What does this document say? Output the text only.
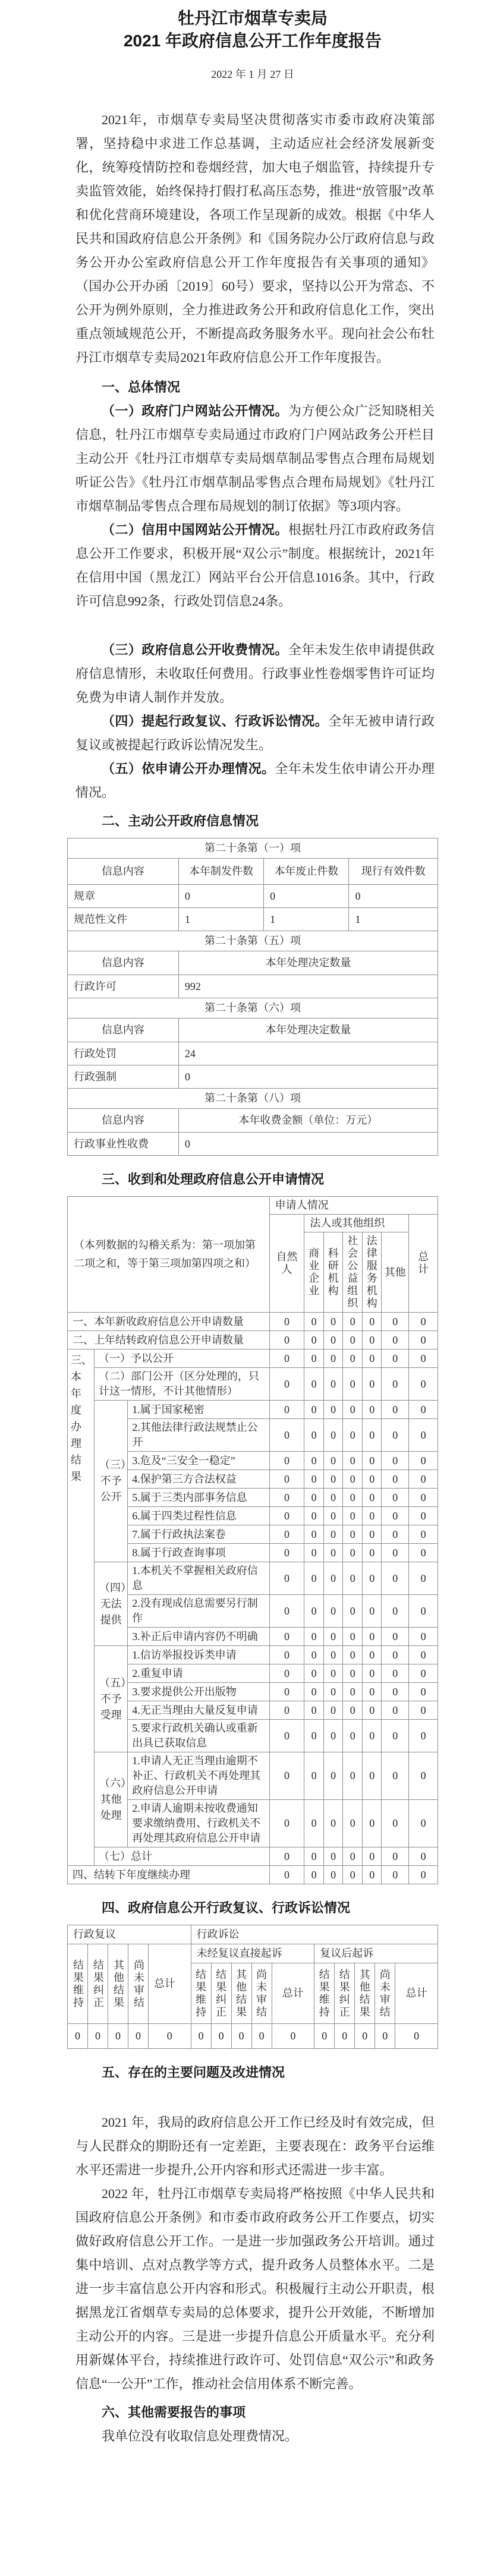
牡丹江市烟草专卖局
2021 年政府信息公开工作年度报告
2022 年 1 月 27 日

2021年，市烟草专卖局坚决贯彻落实市委市政府决策部署，坚持稳中求进工作总基调，主动适应社会经济发展新变化，统筹疫情防控和卷烟经营，加大电子烟监管，持续提升专卖监管效能，始终保持打假打私高压态势，推进“放管服”改革和优化营商环境建设，各项工作呈现新的成效。根据《中华人民共和国政府信息公开条例》和《国务院办公厅政府信息与政务公开办公室政府信息公开工作年度报告有关事项的通知》（国办公开办函〔2019〕60号）要求，坚持以公开为常态、不公开为例外原则，全力推进政务公开和政府信息化工作，突出重点领域规范公开，不断提高政务服务水平。现向社会公布牡丹江市烟草专卖局2021年政府信息公开工作年度报告。

一、总体情况

（一）政府门户网站公开情况。为方便公众广泛知晓相关信息，牡丹江市烟草专卖局通过市政府门户网站政务公开栏目主动公开《牡丹江市烟草专卖局烟草制品零售点合理布局规划听证公告》《牡丹江市烟草制品零售点合理布局规划》《牡丹江市烟草制品零售点合理布局规划的制订依据》等3项内容。

（二）信用中国网站公开情况。根据牡丹江市政府政务信息公开工作要求，积极开展“双公示”制度。根据统计，2021年在信用中国（黑龙江）网站平台公开信息1016条。其中，行政许可信息992条，行政处罚信息24条。

（三）政府信息公开收费情况。全年未发生依申请提供政府信息情形，未收取任何费用。行政事业性卷烟零售许可证均免费为申请人制作并发放。

（四）提起行政复议、行政诉讼情况。全年无被申请行政复议或被提起行政诉讼情况发生。

（五）依申请公开办理情况。全年未发生依申请公开办理情况。

二、主动公开政府信息情况
第二十条第（一）项			
信息内容	本年制发件数	本年废止件数	现行有效件数
规章	0	0	0
规范性文件	1	1	1
第二十条第（五）项			
信息内容	本年处理决定数量		
行政许可	992		
第二十条第（六）项			
信息内容	本年处理决定数量		
行政处罚	24		
行政强制	0		
第二十条第（八）项			
信息内容	本年收费金额（单位：万元）		
行政事业性收费	0		
三、收到和处理政府信息公开申请情况
（本列数据的勾稽关系为：第一项加第二项之和，等于第三项加第四项之和）			申请人情况						
			自然人	法人或其他组织					总计
				商业企业	科研机构	社会公益组织	法律服务机构	其他	
一、本年新收政府信息公开申请数量			0	0	0	0	0	0	0
二、上年结转政府信息公开申请数量			0	0	0	0	0	0	0
三、本年度办理结果	（一）予以公开		0	0	0	0	0	0	0
	（二）部门公开（区分处理的，只计这一情形，不计其他情形）		0	0	0	0	0	0	0
	（三）不予公开	1.属于国家秘密	0	0	0	0	0	0	0
		2.其他法律行政法规禁止公开	0	0	0	0	0	0	0
		3.危及“三安全一稳定”	0	0	0	0	0	0	0
		4.保护第三方合法权益	0	0	0	0	0	0	0
		5.属于三类内部事务信息	0	0	0	0	0	0	0
		6.属于四类过程性信息	0	0	0	0	0	0	0
		7.属于行政执法案卷	0	0	0	0	0	0	0
		8.属于行政查询事项	0	0	0	0	0	0	0
	（四）无法提供	1.本机关不掌握相关政府信息	0	0	0	0	0	0	0
		2.没有现成信息需要另行制作	0	0	0	0	0	0	0
		3.补正后申请内容仍不明确	0	0	0	0	0	0	0
	（五）不予受理	1.信访举报投诉类申请	0	0	0	0	0	0	0
		2.重复申请	0	0	0	0	0	0	0
		3.要求提供公开出版物	0	0	0	0	0	0	0
		4.无正当理由大量反复申请	0	0	0	0	0	0	0
		5.要求行政机关确认或重新出具已获取信息	0	0	0	0	0	0	0
	（六）其他处理	1.申请人无正当理由逾期不补正、行政机关不再处理其政府信息公开申请	0	0	0	0	0	0	0
		2.申请人逾期未按收费通知要求缴纳费用、行政机关不再处理其政府信息公开申请	0	0	0	0	0	0	0
	（七）总计		0	0	0	0	0	0	0
四、结转下年度继续办理			0	0	0	0	0	0	0
四、政府信息公开行政复议、行政诉讼情况
行政复议					行政诉讼									
结果维持	结果纠正	其他结果	尚未审结	总计	未经复议直接起诉					复议后起诉				
					结果维持	结果纠正	其他结果	尚未审结	总计	结果维持	结果纠正	其他结果	尚未审结	总计
0	0	0	0	0	0	0	0	0	0	0	0	0	0	0
五、存在的主要问题及改进情况

2021 年，我局的政府信息公开工作已经及时有效完成，但与人民群众的期盼还有一定差距，主要表现在：政务平台运维水平还需进一步提升,公开内容和形式还需进一步丰富。

2022 年，牡丹江市烟草专卖局将严格按照《中华人民共和国政府信息公开条例》和市委市政府政务公开工作要点，切实做好政府信息公开工作。一是进一步加强政务公开培训。通过集中培训、点对点教学等方式，提升政务人员整体水平。二是进一步丰富信息公开内容和形式。积极履行主动公开职责，根据黑龙江省烟草专卖局的总体要求，提升公开效能，不断增加主动公开的内容。三是进一步提升信息公开质量水平。充分利用新媒体平台，持续推进行政许可、处罚信息“双公示”和政务信息“一公开”工作，推动社会信用体系不断完善。

六、其他需要报告的事项

我单位没有收取信息处理费情况。
